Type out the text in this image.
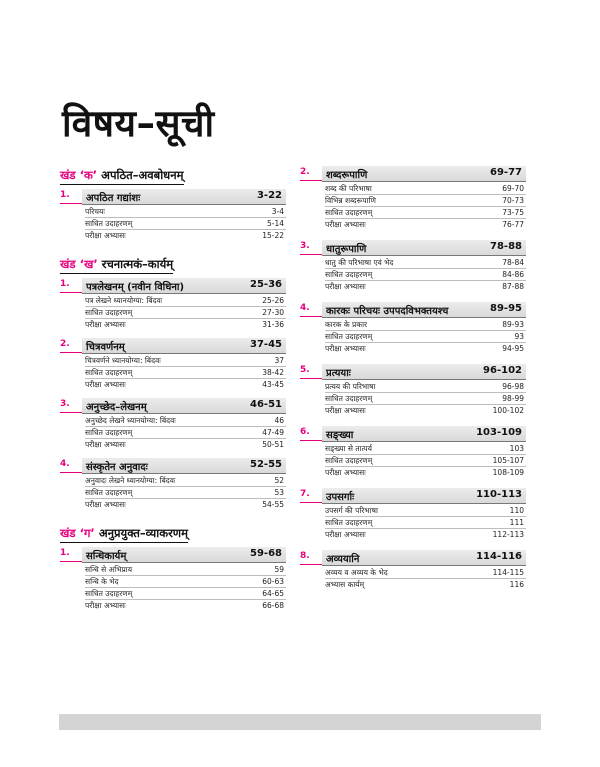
विषय–सूची
खंड ‘क’ अपठित–अवबोधनम्
अपठित गद्यांशः	3-22
परिचयः	3-4
साधित उदाहरणम्	5-14
परीक्षा अभ्यासः	15-22
खंड ‘ख’ रचनात्मकं–कार्यम्
पत्रलेखनम् (नवीन विधिना)	25-36
पत्र लेखने ध्यानयोग्या: बिंदवः	25-26
साधित उदाहरणम्	27-30
परीक्षा अभ्यासः	31-36
चित्रवर्णनम्	37-45
चित्रवर्णने ध्यानयोग्या: बिंदवः	37
साधित उदाहरणम्	38-42
परीक्षा अभ्यासः	43-45
अनुच्छेद–लेखनम्	46-51
अनुच्छेद लेखने ध्यानयोग्या: बिंदवः	46
साधित उदाहरणम्	47-49
परीक्षा अभ्यासः	50-51
संस्कृतेन अनुवादः	52-55
अनुवादः लेखने ध्यानयोग्या: बिंदवः	52
साधित उदाहरणम्	53
परीक्षा अभ्यासः	54-55
खंड ‘ग’ अनुप्रयुक्त–व्याकरणम्
सन्धिकार्यम्	59-68
सन्धि से अभिप्राय	59
सन्धि के भेद	60-63
साधित उदाहरणम्	64-65
परीक्षा अभ्यासः	66-68
शब्दरूपाणि	69-77
शब्द की परिभाषा	69-70
विभिन्न शब्दरूपाणि	70-73
साधित उदाहरणम्	73-75
परीक्षा अभ्यासः	76-77
धातुरूपाणि	78-88
धातु की परिभाषा एवं भेद	78-84
साधित उदाहरणम्	84-86
परीक्षा अभ्यासः	87-88
कारकः परिचयः उपपदविभक्तयश्च	89-95
कारक के प्रकार	89-93
साधित उदाहरणम्	93
परीक्षा अभ्यासः	94-95
प्रत्ययाः	96-102
प्रत्यय की परिभाषा	96-98
साधित उदाहरणम्	98-99
परीक्षा अभ्यासः	100-102
सङ्ख्या	103-109
सङ्ख्या से तात्पर्य	103
साधित उदाहरणम्	105-107
परीक्षा अभ्यासः	108-109
उपसर्गाः	110-113
उपसर्ग की परिभाषा	110
साधित उदाहरणम्	111
परीक्षा अभ्यासः	112-113
अव्ययानि	114-116
अव्यय व अव्यय के भेद	114-115
अभ्यास कार्यम्	116
